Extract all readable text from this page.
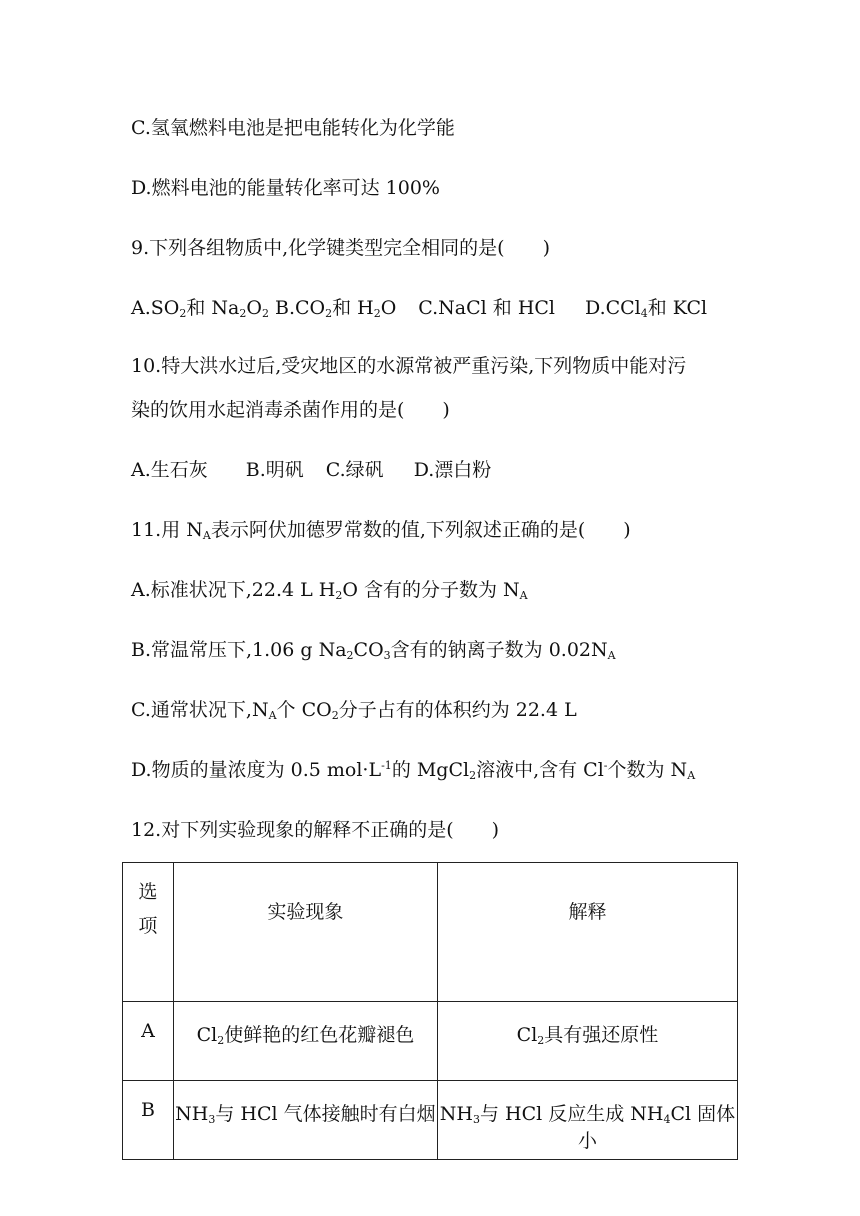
C.氢氧燃料电池是把电能转化为化学能
D.燃料电池的能量转化率可达 100%
9.下列各组物质中,化学键类型完全相同的是(　　)
$A.SO_2$和 $Na_2O_2$ $B.CO_2$和 $H_2O$ C.NaCl 和 HCl D.CCl$_4$和 KCl
10.特大洪水过后,受灾地区的水源常被严重污染,下列物质中能对污
染的饮用水起消毒杀菌作用的是(　　)
A.生石灰 B.明矾 C.绿矾 D.漂白粉
11.用 $N_A$表示阿伏加德罗常数的值,下列叙述正确的是(　　)
A.标准状况下,22.4 L $H_2O$ 含有的分子数为 $N_A$
B.常温常压下,1.06 g $Na_2CO_3$含有的钠离子数为 $0.02N_A$
C.通常状况下$,N_A$个 $CO_2$分子占有的体积约为 22.4 L
D.物质的量浓度为 0.5 $mol\cdot L^{-1}$的 MgCl$_2$溶液中,含有 Cl-个数为 $N_A$
12.对下列实验现象的解释不正确的是(　　)
选
项	实验现象	解释
A	$Cl_2$使鲜艳的红色花瓣褪色	$Cl_2$具有强还原性
B	$NH_3$与 HCl 气体接触时有白烟	$NH_3$与 HCl 反应生成 $NH_4Cl$ 固体小
